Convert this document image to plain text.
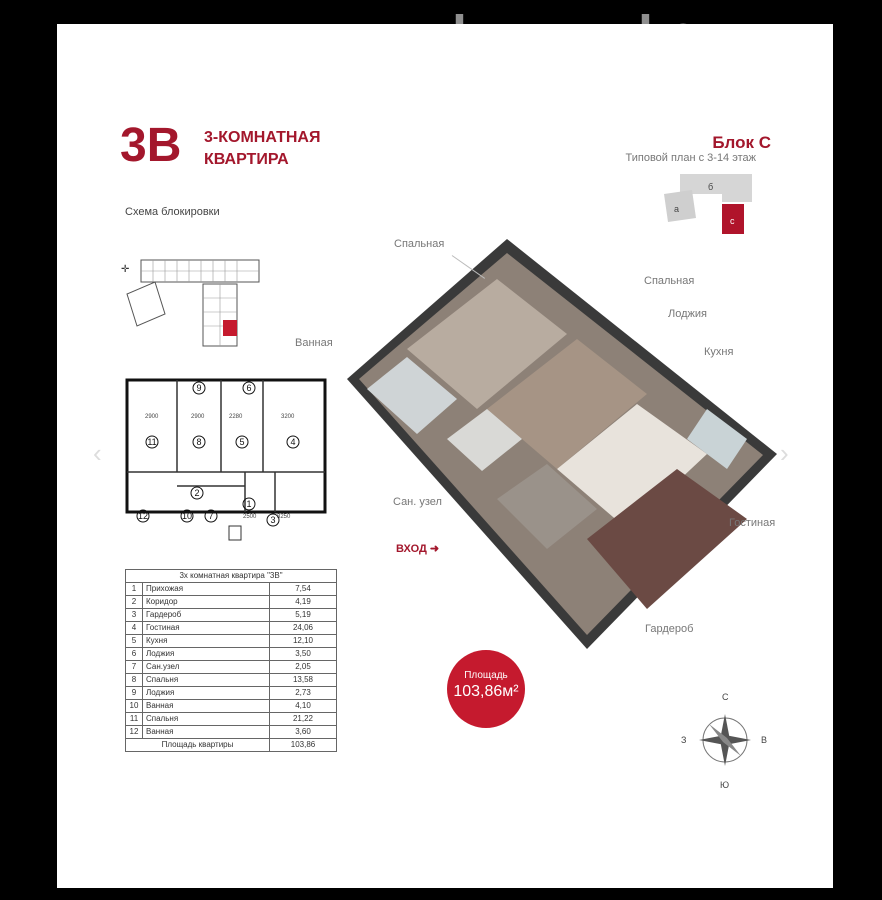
3B 3-КОМНАТНАЯ
КВАРТИРА
Блок С
Типовой план с 3-14 этаж
б
а
с
Схема блокировки
✛
2900	2900	2280	3200
2500	3250
11	8	5	4
9	6
2
1
3
12	10 7
Спальная
Спальная
Лоджия
Кухня
Ванная
Сан. узел
Гостиная
Гардероб
ВХОД ➜
3х комнатная квартира "3В"		
1	Прихожая	7,54
2	Коридор	4,19
3	Гардероб	5,19
4	Гостиная	24,06
5	Кухня	12,10
6	Лоджия	3,50
7	Сан.узел	2,05
8	Спальня	13,58
9	Лоджия	2,73
10	Ванная	4,10
11	Спальня	21,22
12	Ванная	3,60
Площадь квартиры		103,86
Площадь
103,86м²	С
Ю
В
З
‹	›
